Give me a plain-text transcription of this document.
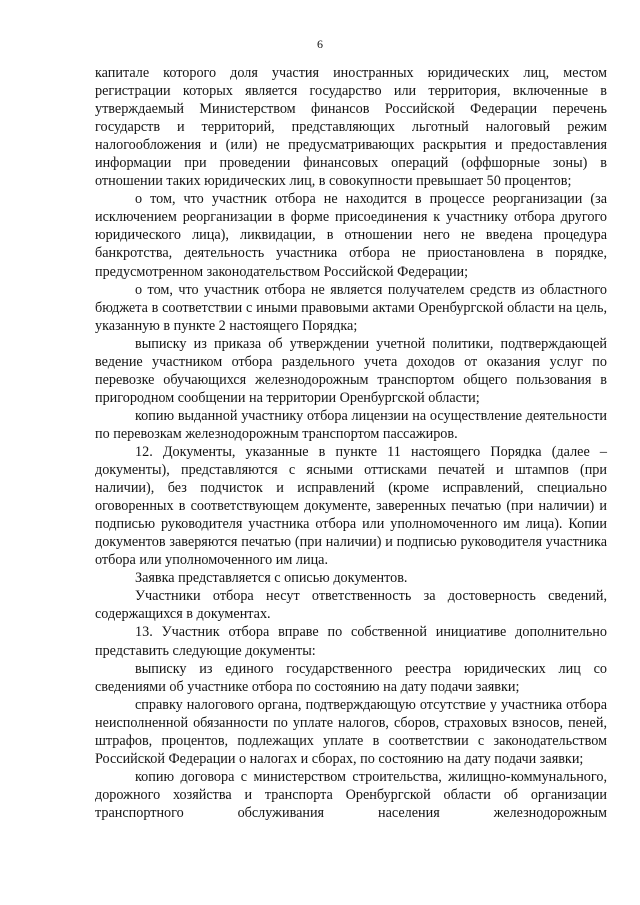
6

капитале которого доля участия иностранных юридических лиц, местом регистрации которых является государство или территория, включенные в утверждаемый Министерством финансов Российской Федерации перечень государств и территорий, представляющих льготный налоговый режим налогообложения и (или) не предусматривающих раскрытия и предоставления информации при проведении финансовых операций (оффшорные зоны) в отношении таких юридических лиц, в совокупности превышает 50 процентов;

о том, что участник отбора не находится в процессе реорганизации (за исключением реорганизации в форме присоединения к участнику отбора другого юридического лица), ликвидации, в отношении него не введена процедура банкротства, деятельность участника отбора не приостановлена в порядке, предусмотренном законодательством Российской Федерации;

о том, что участник отбора не является получателем средств из областного бюджета в соответствии с иными правовыми актами Оренбургской области на цель, указанную в пункте 2 настоящего Порядка;

выписку из приказа об утверждении учетной политики, подтверждающей ведение участником отбора раздельного учета доходов от оказания услуг по перевозке обучающихся железнодорожным транспортом общего пользования в пригородном сообщении на территории Оренбургской области;

копию выданной участнику отбора лицензии на осуществление деятельности по перевозкам железнодорожным транспортом пассажиров.

12. Документы, указанные в пункте 11 настоящего Порядка (далее – документы), представляются с ясными оттисками печатей и штампов (при наличии), без подчисток и исправлений (кроме исправлений, специально оговоренных в соответствующем документе, заверенных печатью (при наличии) и подписью руководителя участника отбора или уполномоченного им лица). Копии документов заверяются печатью (при наличии) и подписью руководителя участника отбора или уполномоченного им лица.

Заявка представляется с описью документов.

Участники отбора несут ответственность за достоверность сведений, содержащихся в документах.

13. Участник отбора вправе по собственной инициативе дополнительно представить следующие документы:

выписку из единого государственного реестра юридических лиц со сведениями об участнике отбора по состоянию на дату подачи заявки;

справку налогового органа, подтверждающую отсутствие у участника отбора неисполненной обязанности по уплате налогов, сборов, страховых взносов, пеней, штрафов, процентов, подлежащих уплате в соответствии с законодательством Российской Федерации о налогах и сборах, по состоянию на дату подачи заявки;

копию договора с министерством строительства, жилищно-коммунального, дорожного хозяйства и транспорта Оренбургской области об организации транспортного обслуживания населения железнодорожным
